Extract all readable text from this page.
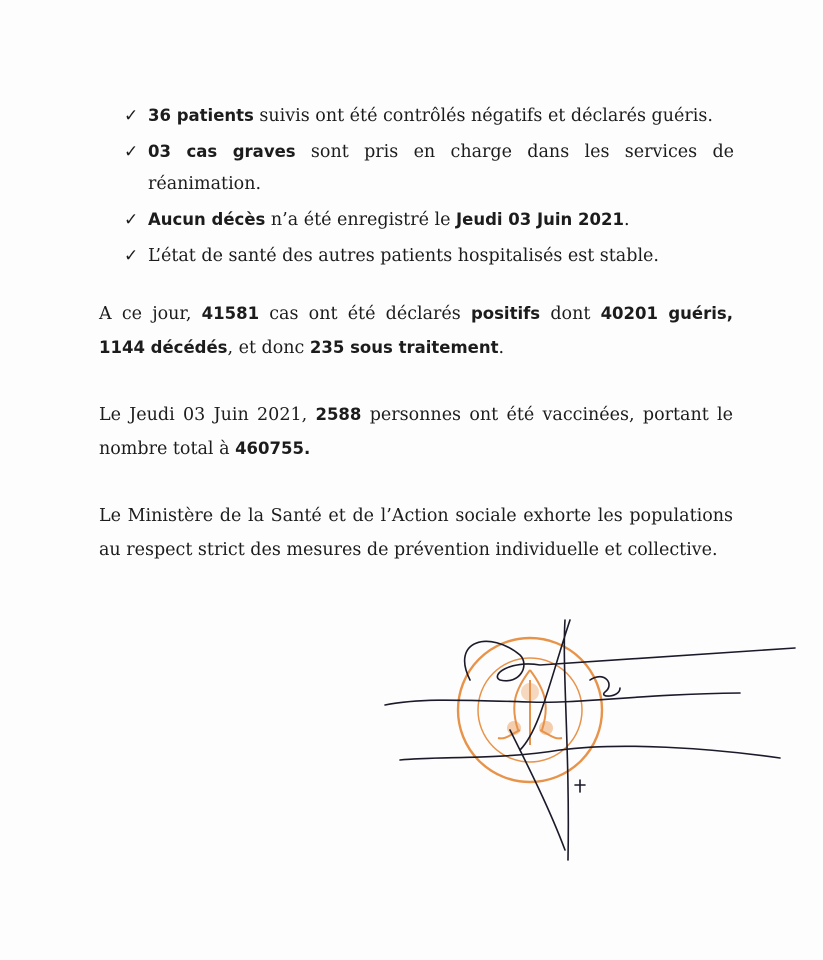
✓ 36 patients suivis ont été contrôlés négatifs et déclarés guéris.
✓ 03 cas graves sont pris en charge dans les services de réanimation.
✓ Aucun décès n’a été enregistré le Jeudi 03 Juin 2021.
✓ L’état de santé des autres patients hospitalisés est stable.

A ce jour, 41581 cas ont été déclarés positifs dont 40201 guéris, 1144 décédés, et donc 235 sous traitement.

Le Jeudi 03 Juin 2021, 2588 personnes ont été vaccinées, portant le nombre total à 460755.

Le Ministère de la Santé et de l’Action sociale exhorte les populations au respect strict des mesures de prévention individuelle et collective.
